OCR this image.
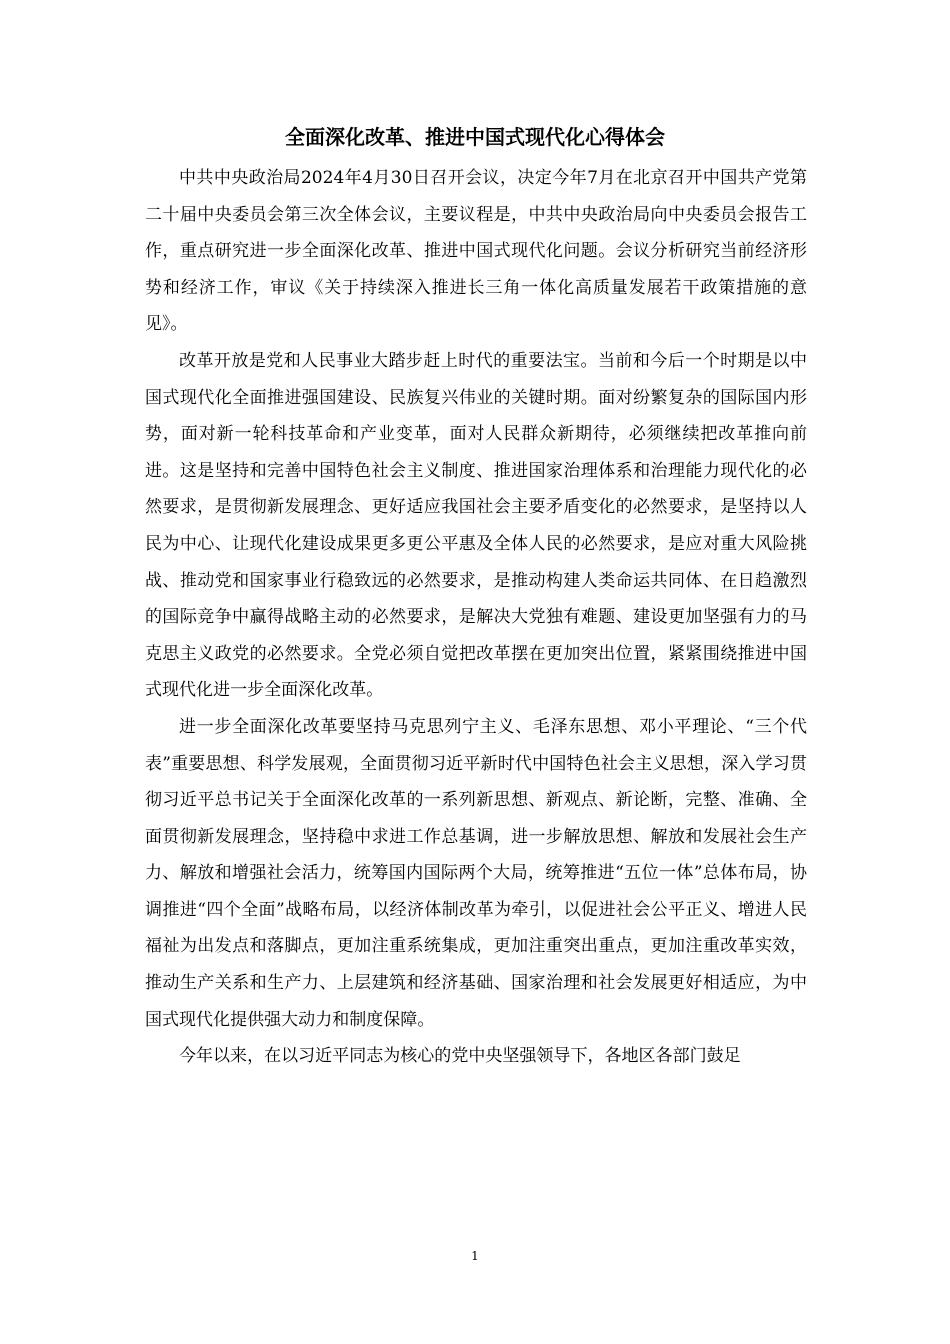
全面深化改革、推进中国式现代化心得体会

中共中央政治局2024年4月30日召开会议，决定今年7月在北京召开中国共产党第二十届中央委员会第三次全体会议，主要议程是，中共中央政治局向中央委员会报告工作，重点研究进一步全面深化改革、推进中国式现代化问题。会议分析研究当前经济形势和经济工作，审议《关于持续深入推进长三角一体化高质量发展若干政策措施的意见》。

改革开放是党和人民事业大踏步赶上时代的重要法宝。当前和今后一个时期是以中国式现代化全面推进强国建设、民族复兴伟业的关键时期。面对纷繁复杂的国际国内形势，面对新一轮科技革命和产业变革，面对人民群众新期待，必须继续把改革推向前进。这是坚持和完善中国特色社会主义制度、推进国家治理体系和治理能力现代化的必然要求，是贯彻新发展理念、更好适应我国社会主要矛盾变化的必然要求，是坚持以人民为中心、让现代化建设成果更多更公平惠及全体人民的必然要求，是应对重大风险挑战、推动党和国家事业行稳致远的必然要求，是推动构建人类命运共同体、在日趋激烈的国际竞争中赢得战略主动的必然要求，是解决大党独有难题、建设更加坚强有力的马克思主义政党的必然要求。全党必须自觉把改革摆在更加突出位置，紧紧围绕推进中国式现代化进一步全面深化改革。

进一步全面深化改革要坚持马克思列宁主义、毛泽东思想、邓小平理论、“三个代表”重要思想、科学发展观，全面贯彻习近平新时代中国特色社会主义思想，深入学习贯彻习近平总书记关于全面深化改革的一系列新思想、新观点、新论断，完整、准确、全面贯彻新发展理念，坚持稳中求进工作总基调，进一步解放思想、解放和发展社会生产力、解放和增强社会活力，统筹国内国际两个大局，统筹推进“五位一体”总体布局，协调推进“四个全面”战略布局，以经济体制改革为牵引，以促进社会公平正义、增进人民福祉为出发点和落脚点，更加注重系统集成，更加注重突出重点，更加注重改革实效，推动生产关系和生产力、上层建筑和经济基础、国家治理和社会发展更好相适应，为中国式现代化提供强大动力和制度保障。

今年以来，在以习近平同志为核心的党中央坚强领导下，各地区各部门鼓足

1
